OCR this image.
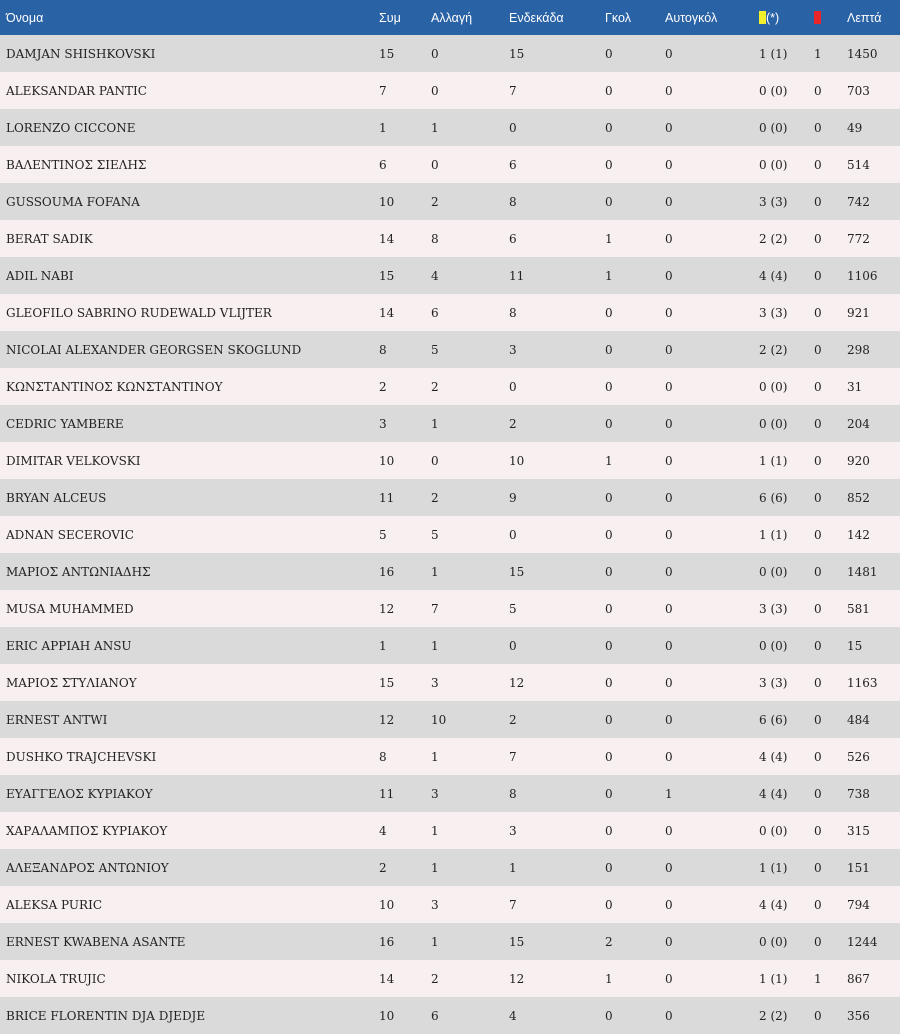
Όνομα	Συμ	Αλλαγή	Ενδεκάδα	Γκολ	Αυτογκόλ	(*)		Λεπτά
DAMJAN SHISHKOVSKI	15	0	15	0	0	1 (1)	1	1450
ALEKSANDAR PANTIC	7	0	7	0	0	0 (0)	0	703
LORENZO CICCONE	1	1	0	0	0	0 (0)	0	49
ΒΑΛΕΝΤΙΝΟΣ ΣΙΕΛΗΣ	6	0	6	0	0	0 (0)	0	514
GUSSOUMA FOFANA	10	2	8	0	0	3 (3)	0	742
BERAT SADIK	14	8	6	1	0	2 (2)	0	772
ADIL NABI	15	4	11	1	0	4 (4)	0	1106
GLEOFILO SABRINO RUDEWALD VLIJTER	14	6	8	0	0	3 (3)	0	921
NICOLAI ALEXANDER GEORGSEN SKOGLUND	8	5	3	0	0	2 (2)	0	298
ΚΩΝΣΤΑΝΤΙΝΟΣ ΚΩΝΣΤΑΝΤΙΝΟΥ	2	2	0	0	0	0 (0)	0	31
CEDRIC YAMBERE	3	1	2	0	0	0 (0)	0	204
DIMITAR VELKOVSKI	10	0	10	1	0	1 (1)	0	920
BRYAN ALCEUS	11	2	9	0	0	6 (6)	0	852
ADNAN SECEROVIC	5	5	0	0	0	1 (1)	0	142
ΜΑΡΙΟΣ ΑΝΤΩΝΙΑΔΗΣ	16	1	15	0	0	0 (0)	0	1481
MUSA MUHAMMED	12	7	5	0	0	3 (3)	0	581
ERIC APPIAH ANSU	1	1	0	0	0	0 (0)	0	15
ΜΑΡΙΟΣ ΣΤΥΛΙΑΝΟΥ	15	3	12	0	0	3 (3)	0	1163
ERNEST ANTWI	12	10	2	0	0	6 (6)	0	484
DUSHKO TRAJCHEVSKI	8	1	7	0	0	4 (4)	0	526
ΕΥΑΓΓΕΛΟΣ ΚΥΡΙΑΚΟΥ	11	3	8	0	1	4 (4)	0	738
ΧΑΡΑΛΑΜΠΟΣ ΚΥΡΙΑΚΟΥ	4	1	3	0	0	0 (0)	0	315
ΑΛΕΞΑΝΔΡΟΣ ΑΝΤΩΝΙΟΥ	2	1	1	0	0	1 (1)	0	151
ALEKSA PURIC	10	3	7	0	0	4 (4)	0	794
ERNEST KWABENA ASANTE	16	1	15	2	0	0 (0)	0	1244
NIKOLA TRUJIC	14	2	12	1	0	1 (1)	1	867
BRICE FLORENTIN DJA DJEDJE	10	6	4	0	0	2 (2)	0	356
